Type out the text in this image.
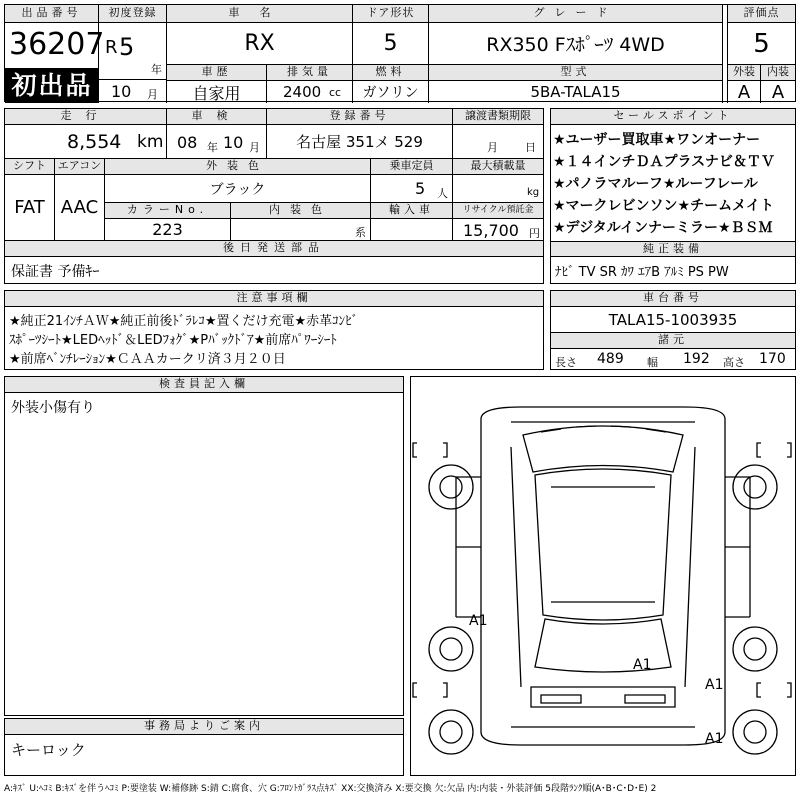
出品番号
36207
初出品
初度登録
R 5
年
10 月
車名
RX
ドア形状
5
グレード
RX350 Fｽﾎﾟｰﾂ 4WD
車歴
自家用
排気量
2400 cc
燃料
ガソリン
型式
5BA-TALA15
評価点
5
外装	内装
A	A
走行
8,554 km
車検
08 年 10 月
登録番号
名古屋 351メ 529
譲渡書類期限
月 日
シフト
FAT
エアコン
AAC
外装色
ブラック
カラーNo.
223
内装色
系
乗車定員
5 人
輸入車
最大積載量
kg
リサイクル預託金
15,700 円
後日発送部品
保証書 予備ｷｰ
セールスポイント
★ユーザー買取車★ワンオーナー
★１４インチＤＡプラスナビ＆ＴＶ
★パノラマルーフ★ルーフレール
★マークレビンソン★チームメイト
★デジタルインナーミラー★ＢＳＭ
純正装備
ﾅﾋﾞ TV SR ｶﾜ ｴｱB ｱﾙﾐ PS PW
注意事項欄
★純正21ｲﾝﾁＡＷ★純正前後ﾄﾞﾗﾚｺ★置くだけ充電★赤革ｺﾝﾋﾞ
ｽﾎﾟｰﾂｼｰﾄ★LEDﾍｯﾄﾞ＆LEDﾌｫｸﾞ★Pﾊﾞｯｸﾄﾞｱ★前席ﾊﾟﾜｰｼｰﾄ
★前席ﾍﾞﾝﾁﾚｰｼｮﾝ★ＣＡＡカークリ済３月２０日
車台番号
TALA15-1003935
諸元
長さ 489 幅 192 高さ 170
検査員記入欄
外装小傷有り
事務局よりご案内
キーロック
A1
A1
A1
A1
A:ｷｽﾞ U:ﾍｺﾐ B:ｷｽﾞを伴うﾍｺﾐ P:要塗装 W:補修跡 S:錆 C:腐食、穴 G:ﾌﾛﾝﾄｶﾞﾗｽ点ｷｽﾞ XX:交換済み X:要交換 欠:欠品 内:内装・外装評価 5段階ﾗﾝｸ順(A･B･C･D･E) 2
